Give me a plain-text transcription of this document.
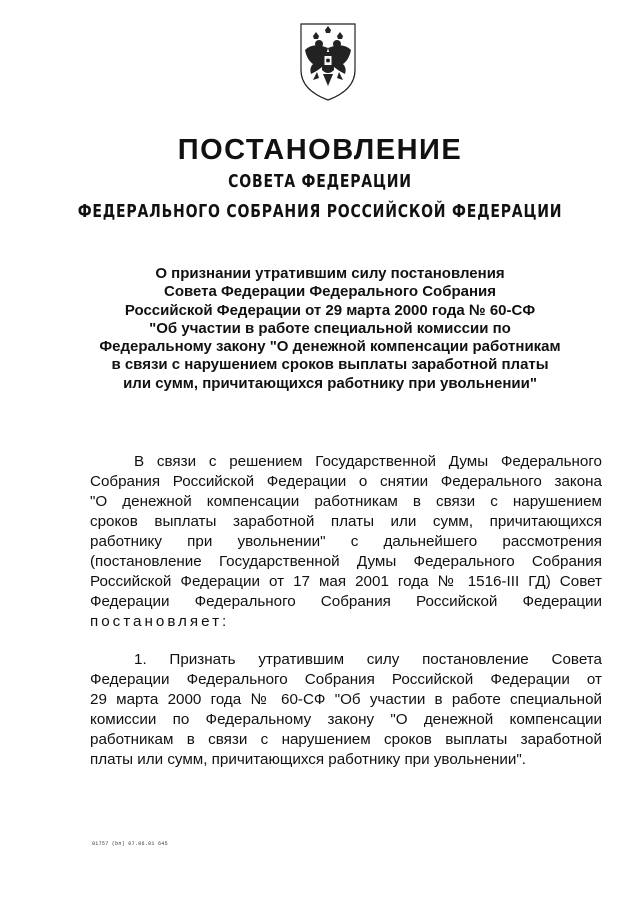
ПОСТАНОВЛЕНИЕ
СОВЕТА ФЕДЕРАЦИИ
ФЕДЕРАЛЬНОГО СОБРАНИЯ РОССИЙСКОЙ ФЕДЕРАЦИИ
О признании утратившим силу постановления
Совета Федерации Федерального Собрания
Российской Федерации от 29 марта 2000 года № 60-СФ
"Об участии в работе специальной комиссии по
Федеральному закону "О денежной компенсации работникам
в связи с нарушением сроков выплаты заработной платы
или сумм, причитающихся работнику при увольнении"
В связи с решением Государственной Думы Федерального
Собрания Российской Федерации о снятии Федерального закона
"О денежной компенсации работникам в связи с нарушением
сроков выплаты заработной платы или сумм, причитающихся
работнику при увольнении" с дальнейшего рассмотрения
(постановление Государственной Думы Федерального Собрания
Российской Федерации от 17 мая 2001 года № 1516-III ГД) Совет
Федерации Федерального Собрания Российской Федерации
постановляет:
1. Признать утратившим силу постановление Совета
Федерации Федерального Собрания Российской Федерации от
29 марта 2000 года № 60-СФ "Об участии в работе специальной
комиссии по Федеральному закону "О денежной компенсации
работникам в связи с нарушением сроков выплаты заработной
платы или сумм, причитающихся работнику при увольнении".
01757 (bп) 07.06.01 645
